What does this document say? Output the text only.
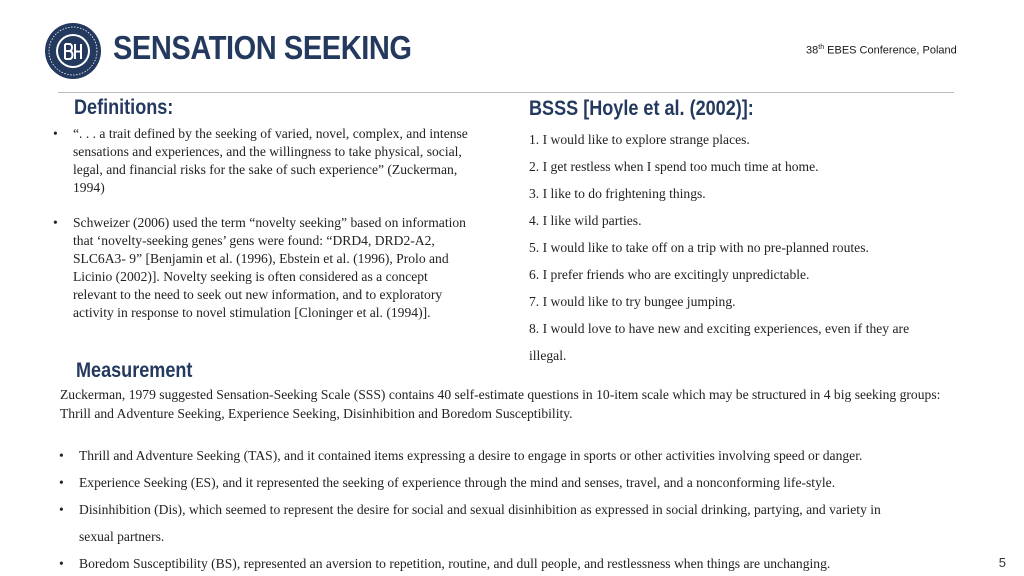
SENSATION SEEKING	38th EBES Conference, Poland
Definitions:
• “. . . a trait defined by the seeking of varied, novel, complex, and intense sensations and experiences, and the willingness to take physical, social, legal, and financial risks for the sake of such experience” (Zuckerman, 1994)
• Schweizer (2006) used the term “novelty seeking” based on information that ‘novelty-seeking genes’ gens were found: “DRD4, DRD2-A2, SLC6A3- 9” [Benjamin et al. (1996), Ebstein et al. (1996), Prolo and Licinio (2002)]. Novelty seeking is often considered as a concept relevant to the need to seek out new information, and to exploratory activity in response to novel stimulation [Cloninger et al. (1994)].
BSSS [Hoyle et al. (2002)]:
1. I would like to explore strange places.
2. I get restless when I spend too much time at home.
3. I like to do frightening things.
4. I like wild parties.
5. I would like to take off on a trip with no pre-planned routes.
6. I prefer friends who are excitingly unpredictable.
7. I would like to try bungee jumping.
8. I would love to have new and exciting experiences, even if they are
illegal.
Measurement
Zuckerman, 1979 suggested Sensation-Seeking Scale (SSS) contains 40 self-estimate questions in 10-item scale which may be structured in 4 big seeking groups: Thrill and Adventure Seeking, Experience Seeking, Disinhibition and Boredom Susceptibility.
• Thrill and Adventure Seeking (TAS), and it contained items expressing a desire to engage in sports or other activities involving speed or danger.
• Experience Seeking (ES), and it represented the seeking of experience through the mind and senses, travel, and a nonconforming life-style.
• Disinhibition (Dis), which seemed to represent the desire for social and sexual disinhibition as expressed in social drinking, partying, and variety in
sexual partners.
• Boredom Susceptibility (BS), represented an aversion to repetition, routine, and dull people, and restlessness when things are unchanging.	5
